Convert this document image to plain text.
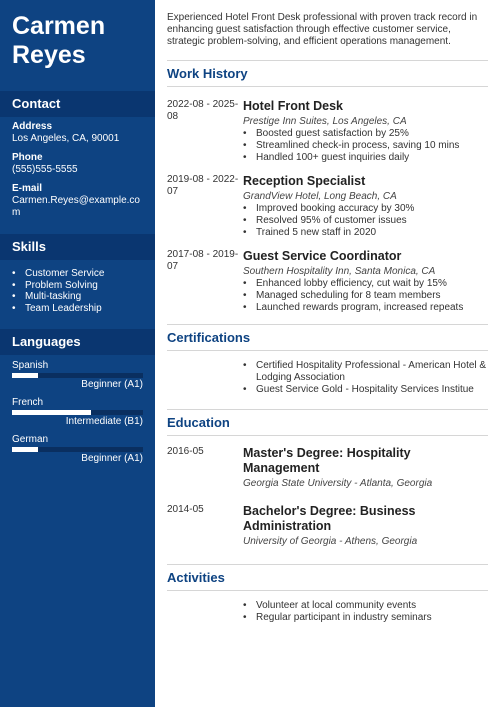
Carmen
Reyes
Contact
Address
Los Angeles, CA, 90001
Phone
(555)555-5555
E-mail
Carmen.Reyes@example.com
Skills
• Customer Service
• Problem Solving
• Multi-tasking
• Team Leadership
Languages
Spanish
Beginner (A1)
French
Intermediate (B1)
German
Beginner (A1)

Experienced Hotel Front Desk professional with proven track record in enhancing guest satisfaction through effective customer service, strategic problem-solving, and efficient operations management.

Work History
2022-08 - 2025-08
Hotel Front Desk
Prestige Inn Suites, Los Angeles, CA
• Boosted guest satisfaction by 25%
• Streamlined check-in process, saving 10 mins
• Handled 100+ guest inquiries daily
2019-08 - 2022-07
Reception Specialist
GrandView Hotel, Long Beach, CA
• Improved booking accuracy by 30%
• Resolved 95% of customer issues
• Trained 5 new staff in 2020
2017-08 - 2019-07
Guest Service Coordinator
Southern Hospitality Inn, Santa Monica, CA
• Enhanced lobby efficiency, cut wait by 15%
• Managed scheduling for 8 team members
• Launched rewards program, increased repeats
Certifications
• Certified Hospitality Professional - American Hotel & Lodging Association
• Guest Service Gold - Hospitality Services Institue
Education
2016-05	Master's Degree: Hospitality Management
Georgia State University - Atlanta, Georgia
2014-05	Bachelor's Degree: Business Administration
University of Georgia - Athens, Georgia
Activities
• Volunteer at local community events
• Regular participant in industry seminars
